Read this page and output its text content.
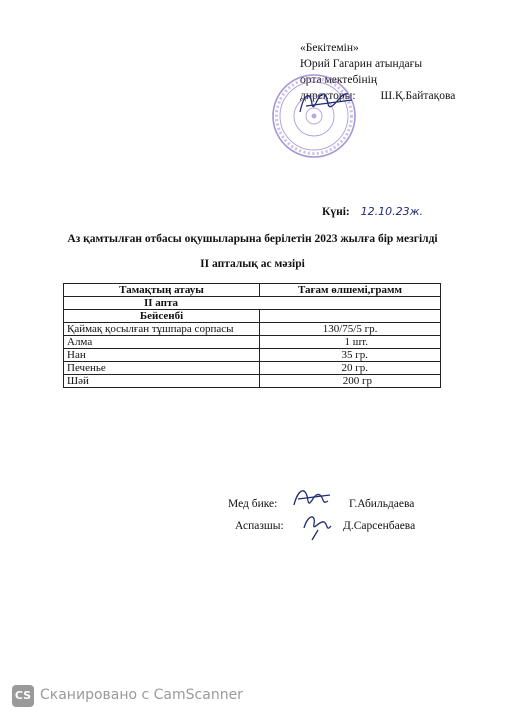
«Бекітемін»
Юрий Гагарин атындағы
орта мектебінің
директоры: Ш.Қ.Байтақова
Күні: 12.10.23ж.
Аз қамтылған отбасы оқушыларына берілетін 2023 жылға бір мезгілді
II апталық ас мәзірі
Тамақтың атауы	Тағам өлшемі,грамм
II апта	
Бейсенбі	
Қаймақ қосылған тұшпара сорпасы	130/75/5 гр.
Алма	1 шт.
Нан	35 гр.
Печенье	20 гр.
Шәй	200 гр
Мед бике:	Г.Абильдаева
Аспазшы:	Д.Сарсенбаева
CS Сканировано с CamScanner
